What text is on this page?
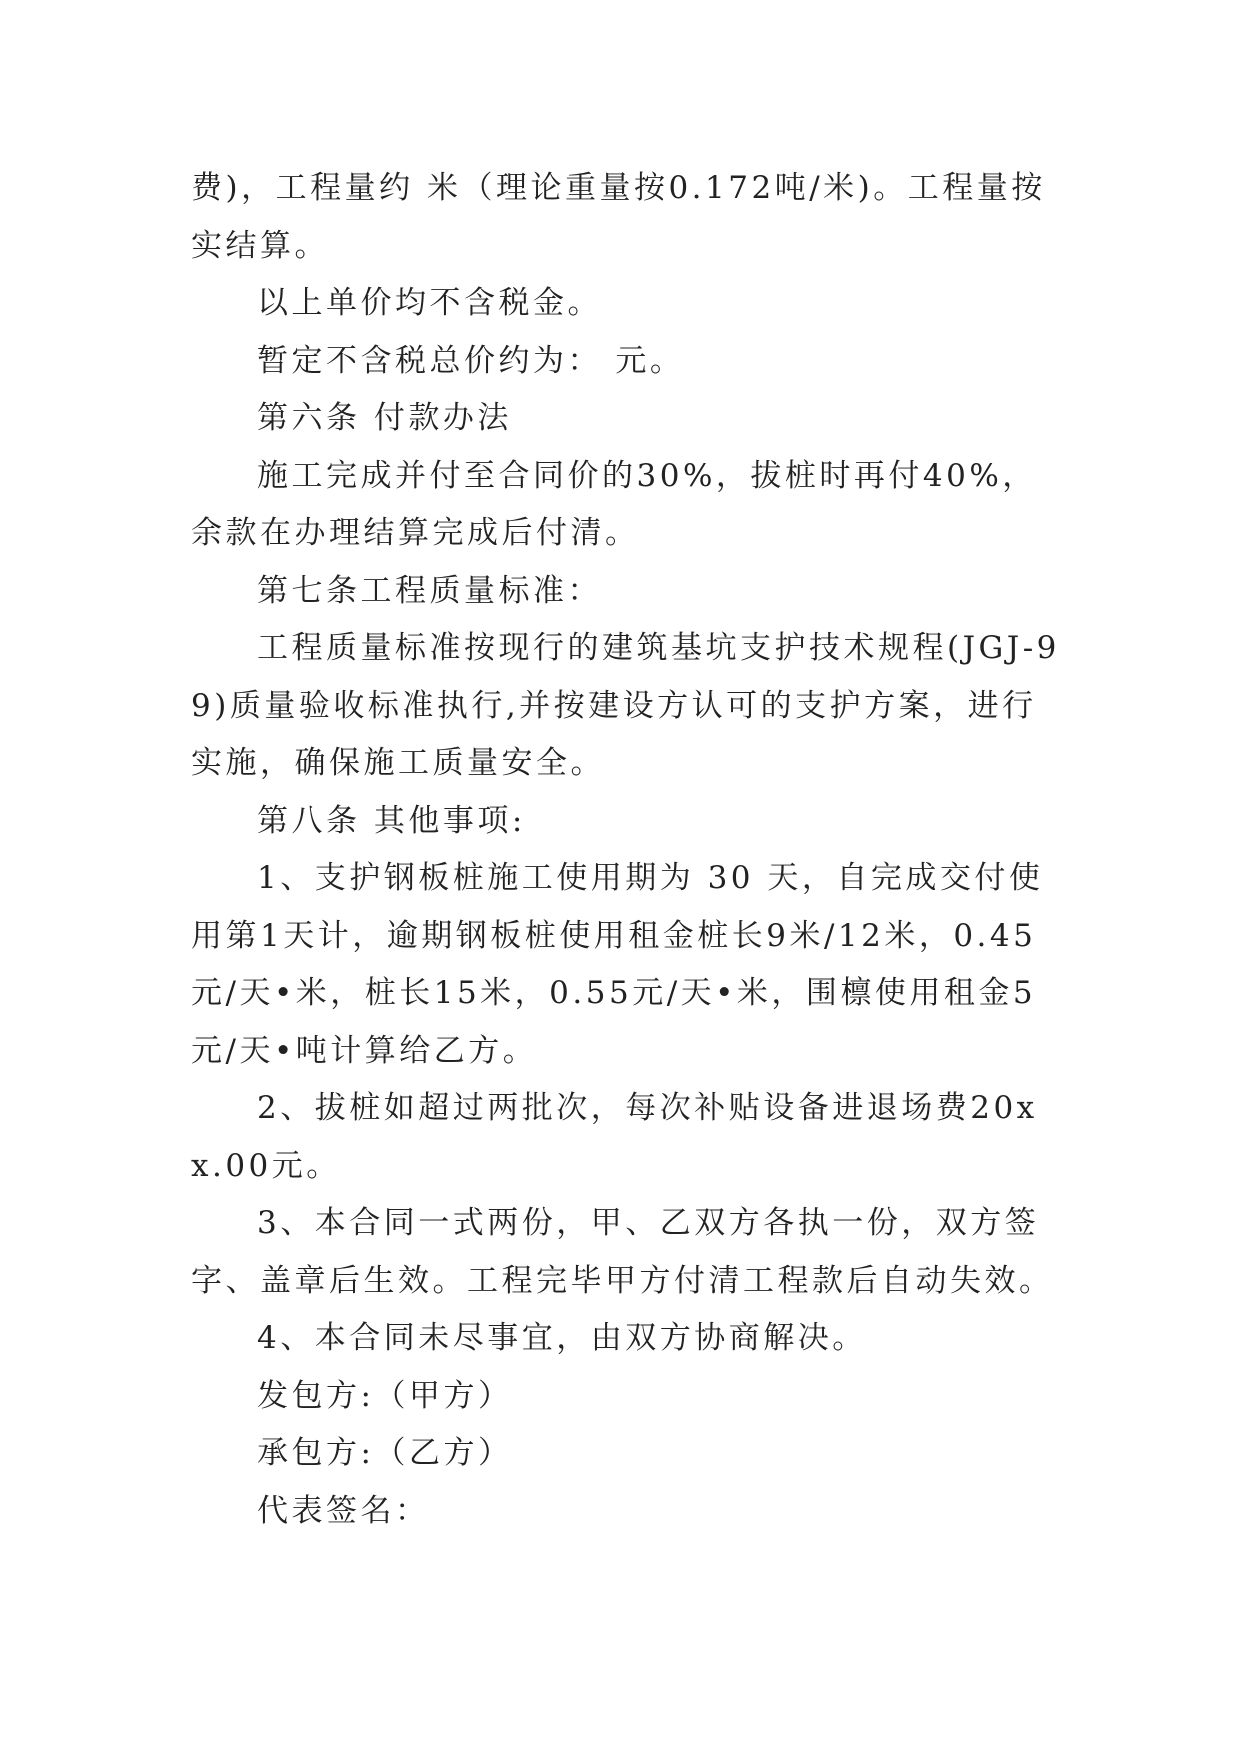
费)，工程量约 米（理论重量按0.172吨/米)。工程量按实结算。

以上单价均不含税金。

暂定不含税总价约为： 元。

第六条 付款办法

施工完成并付至合同价的30%，拔桩时再付40%，余款在办理结算完成后付清。

第七条工程质量标准：

工程质量标准按现行的建筑基坑支护技术规程(JGJ-99)质量验收标准执行,并按建设方认可的支护方案，进行实施，确保施工质量安全。

第八条 其他事项:

1、支护钢板桩施工使用期为 30 天，自完成交付使用第1天计，逾期钢板桩使用租金桩长9米/12米，0.45元/天•米，桩长15米，0.55元/天•米，围檩使用租金5元/天•吨计算给乙方。

2、拔桩如超过两批次，每次补贴设备进退场费20xx.00元。

3、本合同一式两份，甲、乙双方各执一份，双方签字、盖章后生效。工程完毕甲方付清工程款后自动失效。

4、本合同未尽事宜，由双方协商解决。

发包方:（甲方）

承包方:（乙方）

代表签名：
